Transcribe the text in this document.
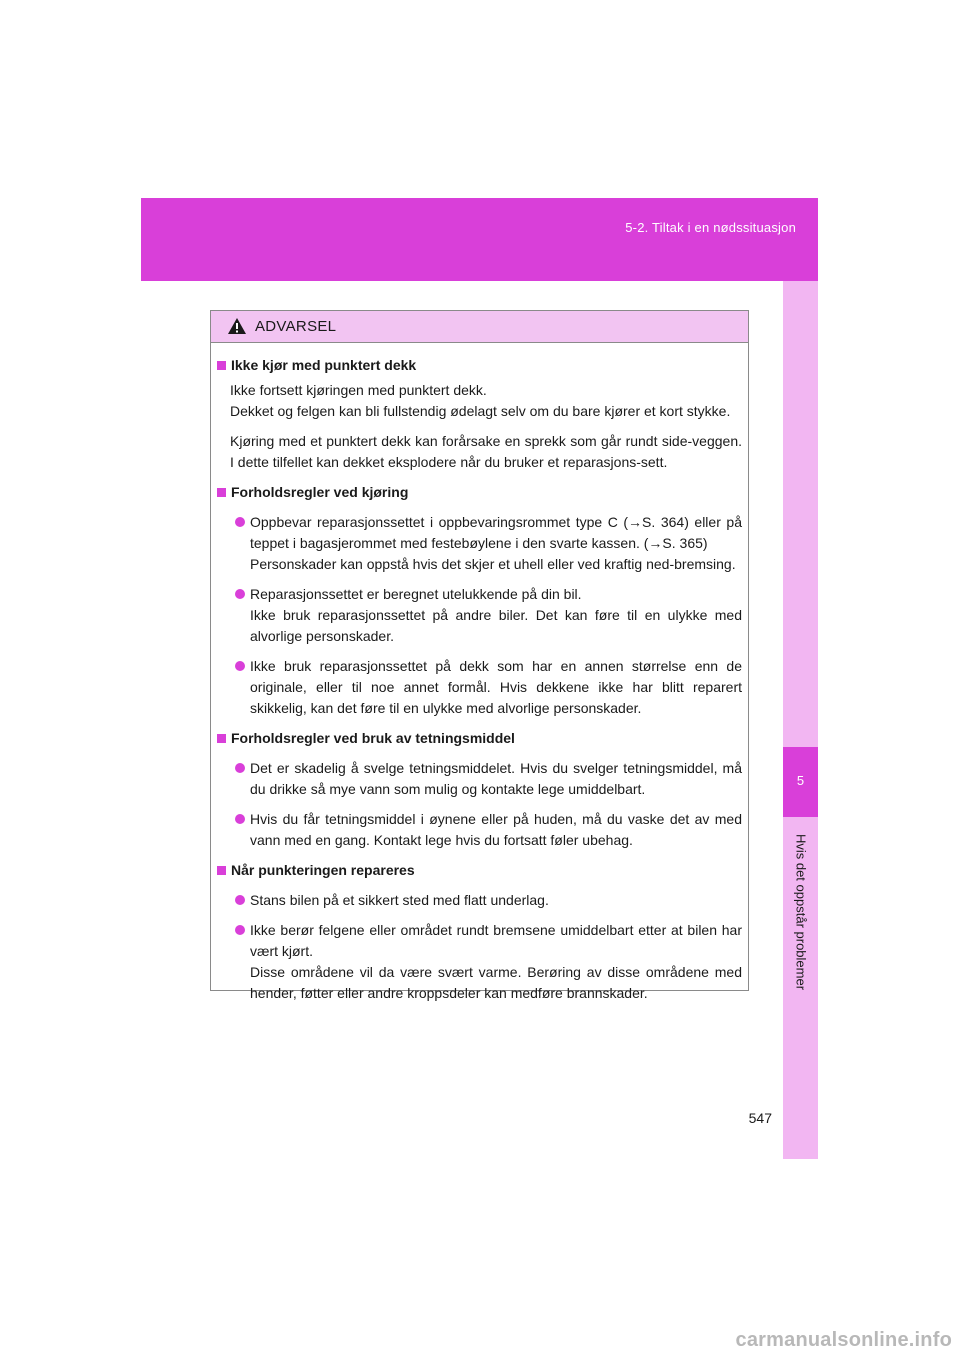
5-2. Tiltak i en nødssituasjon
5
Hvis det oppstår problemer
ADVARSEL
Ikke kjør med punktert dekk
Ikke fortsett kjøringen med punktert dekk.
Dekket og felgen kan bli fullstendig ødelagt selv om du bare kjører et kort stykke.
Kjøring med et punktert dekk kan forårsake en sprekk som går rundt side-veggen. I dette tilfellet kan dekket eksplodere når du bruker et reparasjons-sett.
Forholdsregler ved kjøring
Oppbevar reparasjonssettet i oppbevaringsrommet type C (→S. 364) eller på teppet i bagasjerommet med festebøylene i den svarte kassen. (→S. 365)
Personskader kan oppstå hvis det skjer et uhell eller ved kraftig ned-bremsing.
Reparasjonssettet er beregnet utelukkende på din bil.
Ikke bruk reparasjonssettet på andre biler. Det kan føre til en ulykke med alvorlige personskader.
Ikke bruk reparasjonssettet på dekk som har en annen størrelse enn de originale, eller til noe annet formål. Hvis dekkene ikke har blitt reparert skikkelig, kan det føre til en ulykke med alvorlige personskader.
Forholdsregler ved bruk av tetningsmiddel
Det er skadelig å svelge tetningsmiddelet. Hvis du svelger tetningsmiddel, må du drikke så mye vann som mulig og kontakte lege umiddelbart.
Hvis du får tetningsmiddel i øynene eller på huden, må du vaske det av med vann med en gang. Kontakt lege hvis du fortsatt føler ubehag.
Når punkteringen repareres
Stans bilen på et sikkert sted med flatt underlag.
Ikke berør felgene eller området rundt bremsene umiddelbart etter at bilen har vært kjørt.
Disse områdene vil da være svært varme. Berøring av disse områdene med hender, føtter eller andre kroppsdeler kan medføre brannskader.
547
carmanualsonline.info
